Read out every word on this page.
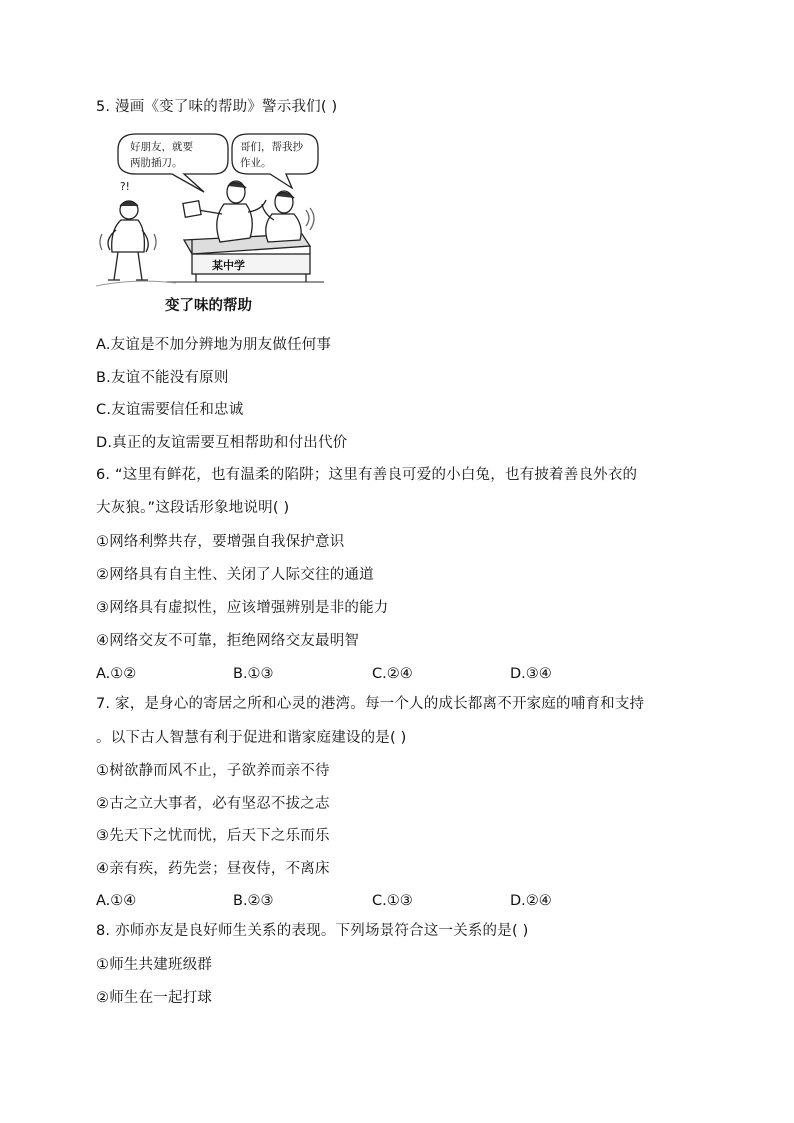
5. 漫画《变了味的帮助》警示我们( )
好朋友，就要
两肋插刀。
哥们，帮我抄
作业。
?!
某中学
变了味的帮助
A.友谊是不加分辨地为朋友做任何事
B.友谊不能没有原则
C.友谊需要信任和忠诚
D.真正的友谊需要互相帮助和付出代价
6. “这里有鲜花，也有温柔的陷阱；这里有善良可爱的小白兔，也有披着善良外衣的
大灰狼。”这段话形象地说明( )
①网络利弊共存，要增强自我保护意识
②网络具有自主性、关闭了人际交往的通道
③网络具有虚拟性，应该增强辨别是非的能力
④网络交友不可靠，拒绝网络交友最明智
A.①②	B.①③	C.②④	D.③④
7. 家，是身心的寄居之所和心灵的港湾。每一个人的成长都离不开家庭的哺育和支持
。以下古人智慧有利于促进和谐家庭建设的是( )
①树欲静而风不止，子欲养而亲不待
②古之立大事者，必有坚忍不拔之志
③先天下之忧而忧，后天下之乐而乐
④亲有疾，药先尝；昼夜侍，不离床
A.①④	B.②③	C.①③	D.②④
8. 亦师亦友是良好师生关系的表现。下列场景符合这一关系的是( )
①师生共建班级群
②师生在一起打球
